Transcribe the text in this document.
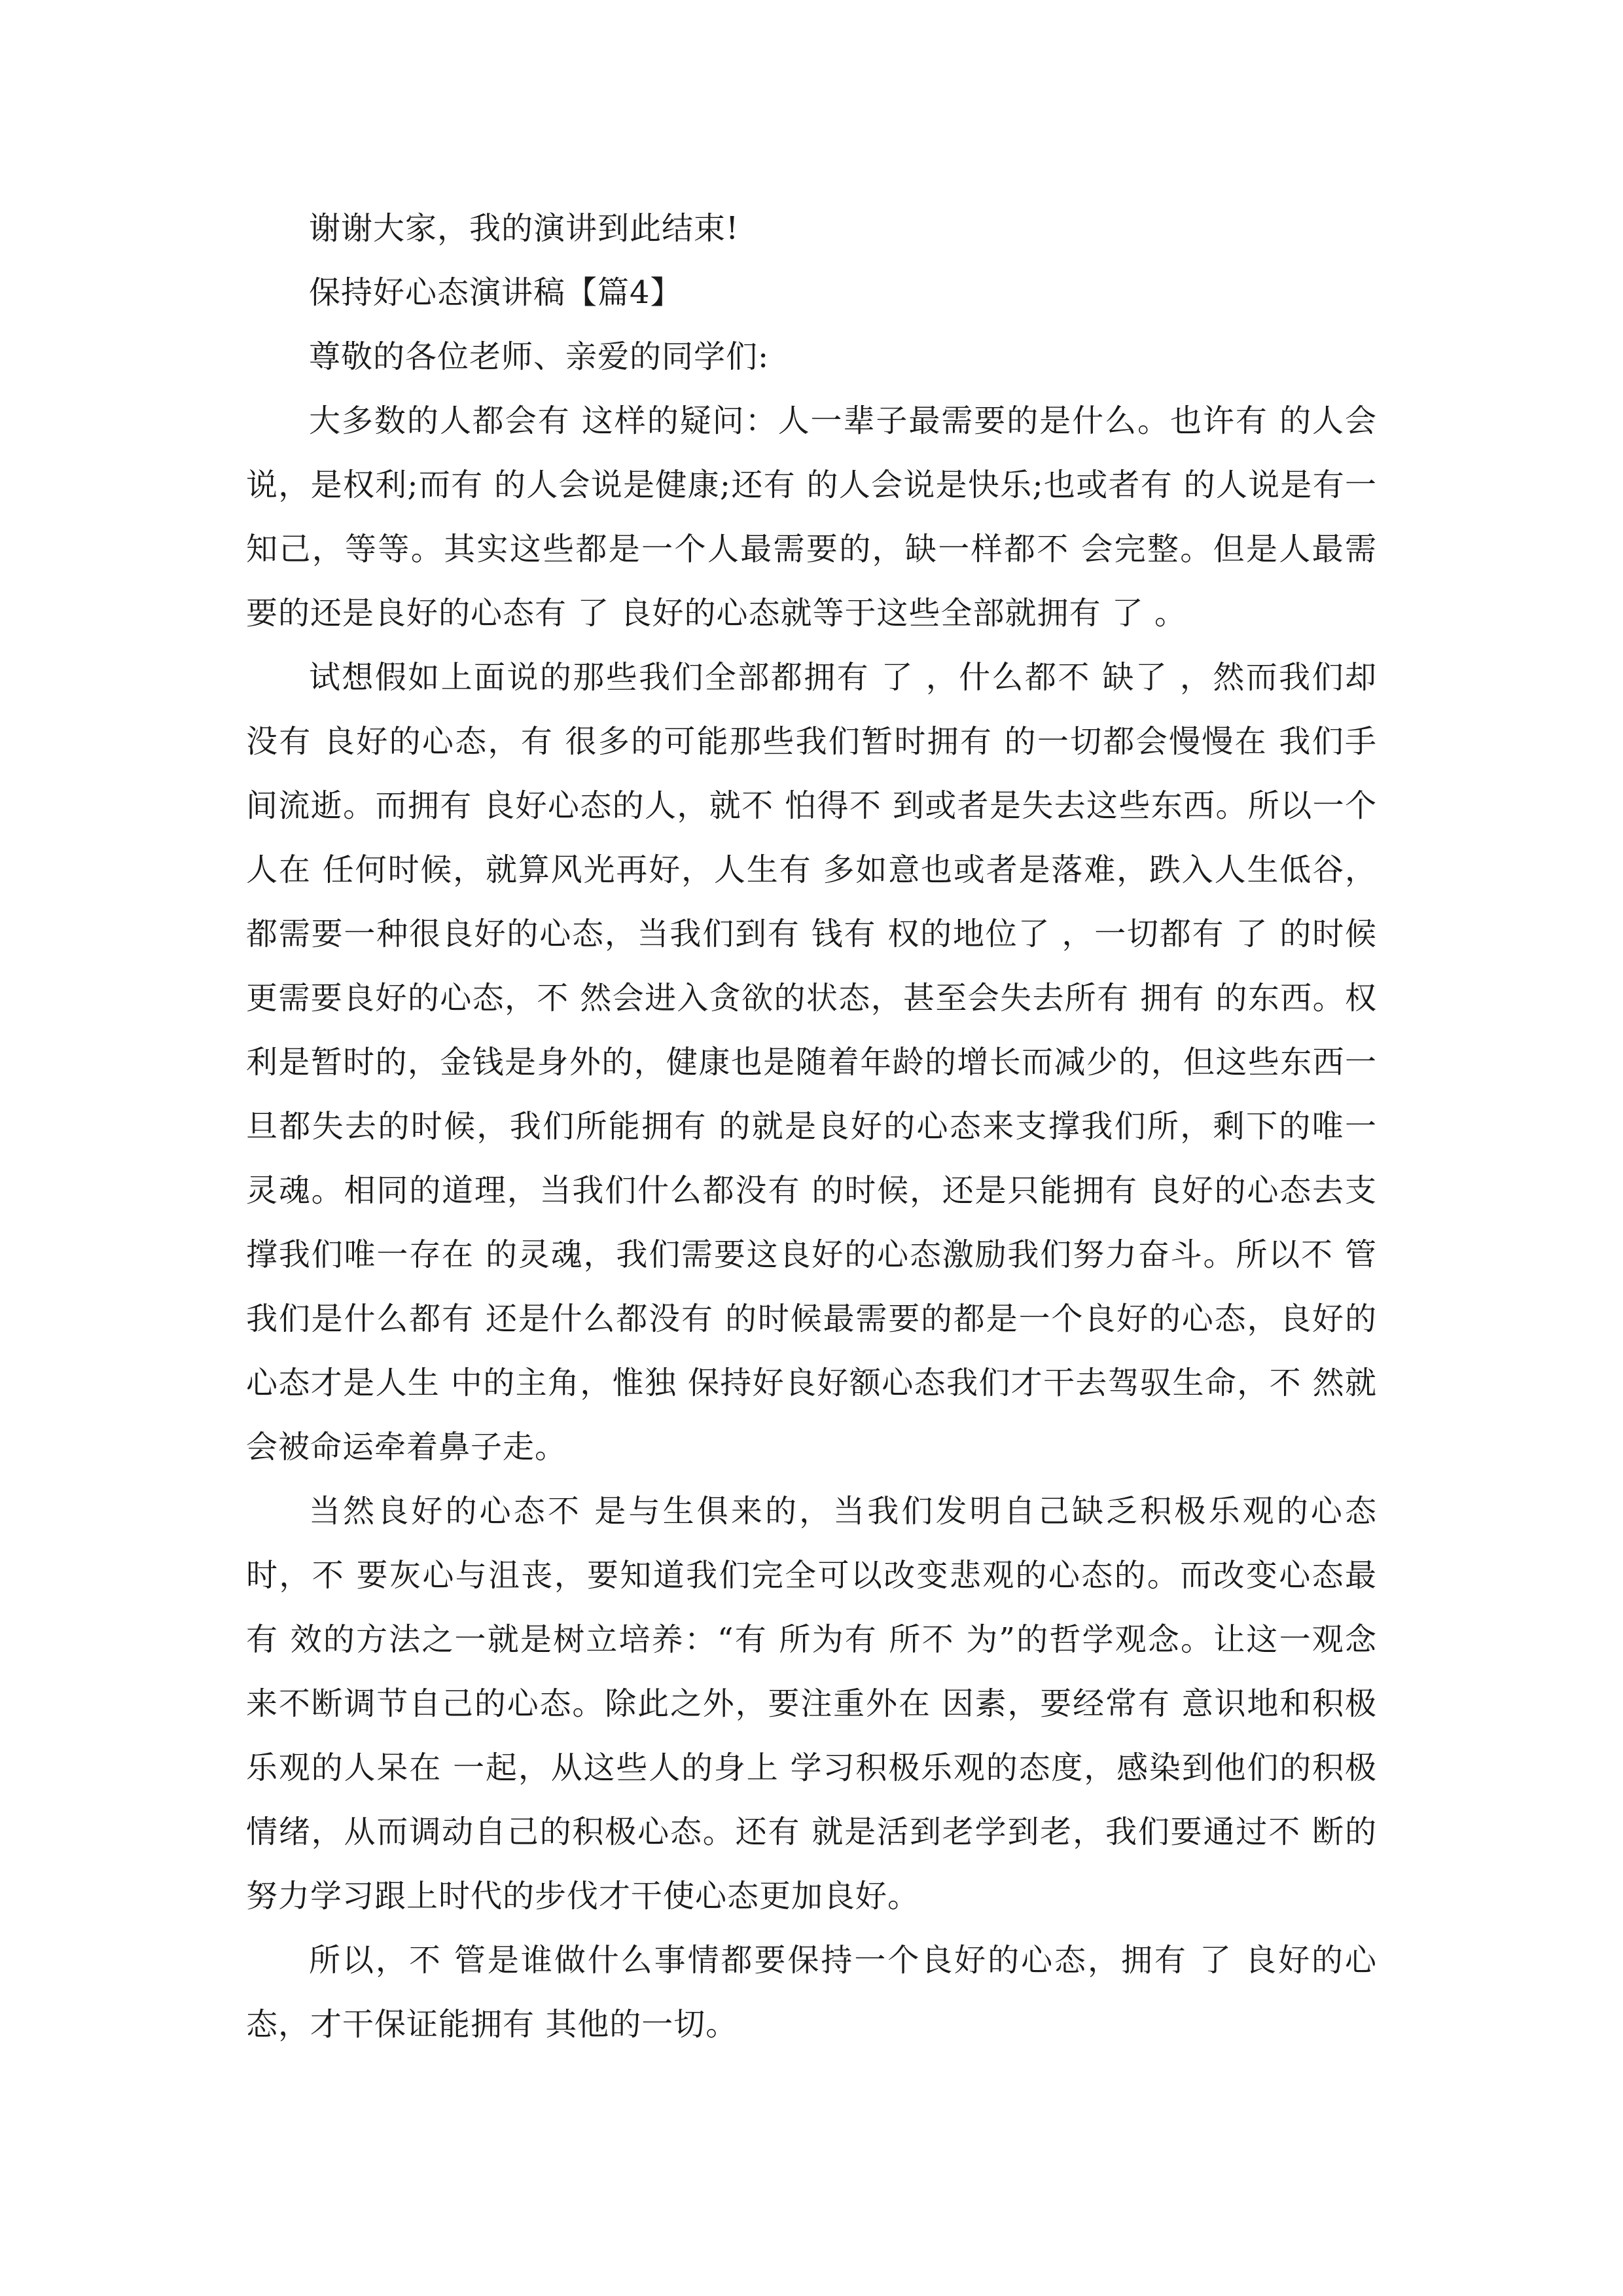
谢谢大家，我的演讲到此结束!

保持好心态演讲稿【篇4】

尊敬的各位老师、亲爱的同学们:

大多数的人都会有 这样的疑问：人一辈子最需要的是什么。也许有 的人会说，是权利;而有 的人会说是健康;还有 的人会说是快乐;也或者有 的人说是有一知己，等等。其实这些都是一个人最需要的，缺一样都不 会完整。但是人最需要的还是良好的心态有 了 良好的心态就等于这些全部就拥有 了 。

试想假如上面说的那些我们全部都拥有 了 ，什么都不 缺了 ，然而我们却没有 良好的心态，有 很多的可能那些我们暂时拥有 的一切都会慢慢在 我们手间流逝。而拥有 良好心态的人，就不 怕得不 到或者是失去这些东西。所以一个人在 任何时候，就算风光再好，人生有 多如意也或者是落难，跌入人生低谷，都需要一种很良好的心态，当我们到有 钱有 权的地位了 ，一切都有 了 的时候更需要良好的心态，不 然会进入贪欲的状态，甚至会失去所有 拥有 的东西。权利是暂时的，金钱是身外的，健康也是随着年龄的增长而减少的，但这些东西一旦都失去的时候，我们所能拥有 的就是良好的心态来支撑我们所，剩下的唯一灵魂。相同的道理，当我们什么都没有 的时候，还是只能拥有 良好的心态去支撑我们唯一存在 的灵魂，我们需要这良好的心态激励我们努力奋斗。所以不 管我们是什么都有 还是什么都没有 的时候最需要的都是一个良好的心态，良好的心态才是人生 中的主角，惟独 保持好良好额心态我们才干去驾驭生命，不 然就会被命运牵着鼻子走。

当然良好的心态不 是与生俱来的，当我们发明自己缺乏积极乐观的心态时，不 要灰心与沮丧，要知道我们完全可以改变悲观的心态的。而改变心态最有 效的方法之一就是树立培养：“有 所为有 所不 为”的哲学观念。让这一观念来不断调节自己的心态。除此之外，要注重外在 因素，要经常有 意识地和积极乐观的人呆在 一起，从这些人的身上 学习积极乐观的态度，感染到他们的积极情绪，从而调动自己的积极心态。还有 就是活到老学到老，我们要通过不 断的努力学习跟上时代的步伐才干使心态更加良好。

所以，不 管是谁做什么事情都要保持一个良好的心态，拥有 了 良好的心态，才干保证能拥有 其他的一切。
